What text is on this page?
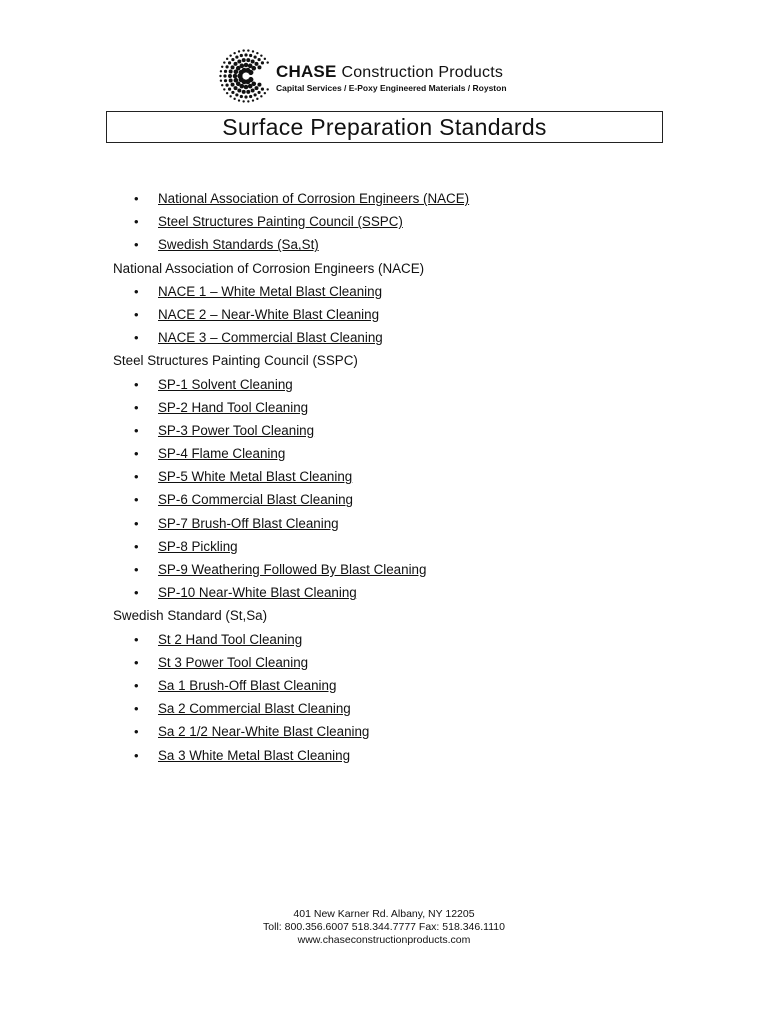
CHASE Construction Products
Capital Services / E-Poxy Engineered Materials / Royston
Surface Preparation Standards
• National Association of Corrosion Engineers (NACE)
• Steel Structures Painting Council (SSPC)
• Swedish Standards (Sa,St)
National Association of Corrosion Engineers (NACE)
• NACE 1 – White Metal Blast Cleaning
• NACE 2 – Near-White Blast Cleaning
• NACE 3 – Commercial Blast Cleaning
Steel Structures Painting Council (SSPC)
• SP-1 Solvent Cleaning
• SP-2 Hand Tool Cleaning
• SP-3 Power Tool Cleaning
• SP-4 Flame Cleaning
• SP-5 White Metal Blast Cleaning
• SP-6 Commercial Blast Cleaning
• SP-7 Brush-Off Blast Cleaning
• SP-8 Pickling
• SP-9 Weathering Followed By Blast Cleaning
• SP-10 Near-White Blast Cleaning
Swedish Standard (St,Sa)
• St 2 Hand Tool Cleaning
• St 3 Power Tool Cleaning
• Sa 1 Brush-Off Blast Cleaning
• Sa 2 Commercial Blast Cleaning
• Sa 2 1/2 Near-White Blast Cleaning
• Sa 3 White Metal Blast Cleaning
401 New Karner Rd. Albany, NY 12205
Toll: 800.356.6007 518.344.7777 Fax: 518.346.1110
www.chaseconstructionproducts.com
